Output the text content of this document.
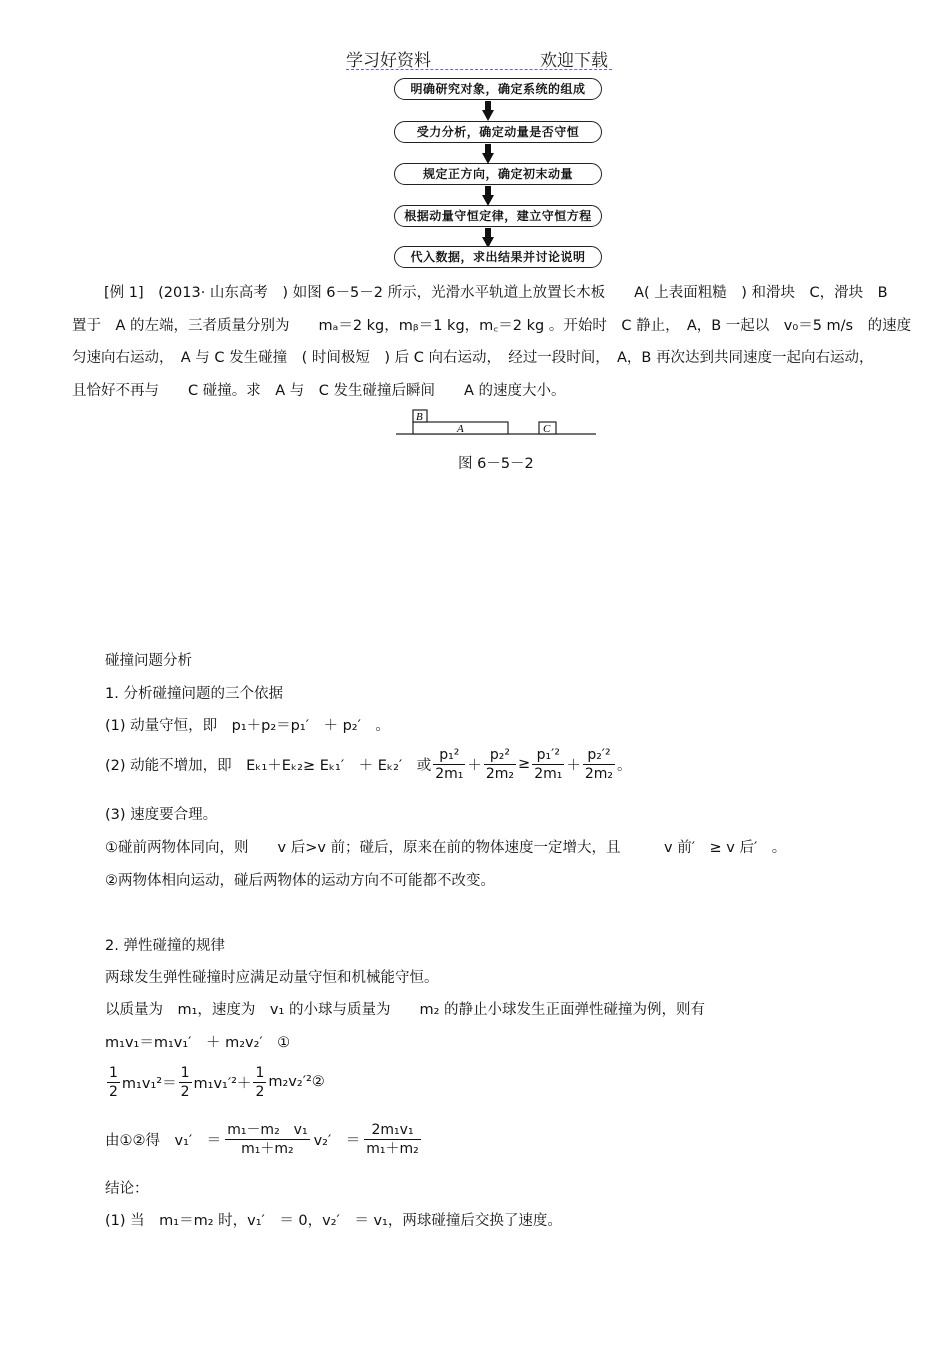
学习好资料	欢迎下载
明确研究对象，确定系统的组成
受力分析，确定动量是否守恒
规定正方向，确定初末动量
根据动量守恒定律，建立守恒方程
代入数据，求出结果并讨论说明
[例 1]　(2013· 山东高考　) 如图 6－5－2 所示，光滑水平轨道上放置长木板　　A( 上表面粗糙　) 和滑块　C，滑块　B
置于　A 的左端，三者质量分别为　　mₐ＝2 kg，mᵦ＝1 kg，m꜀＝2 kg 。开始时　C 静止，　A，B 一起以　v₀＝5 m/s　的速度
匀速向右运动，　A 与 C 发生碰撞　( 时间极短　) 后 C 向右运动，　经过一段时间，　A，B 再次达到共同速度一起向右运动，
且恰好不再与　　C 碰撞。求　A 与　C 发生碰撞后瞬间　　A 的速度大小。
B
A	C
图 6－5－2
碰撞问题分析
1. 分析碰撞问题的三个依据
(1) 动量守恒，即　p₁＋p₂＝p₁′　＋ p₂′　。
(2) 动能不增加，即　Eₖ₁＋Eₖ₂≥ Eₖ₁′　＋ Eₖ₂′　或 $\frac{\text{p₁²}}{\text{2m₁}} + \frac{\text{p₂²}}{\text{2m₂}} \ge \frac{\text{p₁′²}}{\text{2m₁}} + \frac{\text{p₂′²}}{\text{2m₂}}$ 。
(3) 速度要合理。
①碰前两物体同向，则　　v 后>v 前；碰后，原来在前的物体速度一定增大，且　　　v 前′　≥ v 后′　。
②两物体相向运动，碰后两物体的运动方向不可能都不改变。
2. 弹性碰撞的规律
两球发生弹性碰撞时应满足动量守恒和机械能守恒。
以质量为　m₁，速度为　v₁ 的小球与质量为　　m₂ 的静止小球发生正面弹性碰撞为例，则有
m₁v₁＝m₁v₁′　＋ m₂v₂′　①
$\frac{1}{2} m_1v_1^2= \frac{1}{2} m_1v_1'^2+ \frac{1}{2}$ m₂v₂′²②
由①②得　v₁′　＝ $\frac{\text{m₁－m₂　v₁}}{\text{m₁＋m₂}} v_2'$　＝ $\frac{\text{2m₁v₁}}{\text{m₁＋m₂}}$
结论：
(1) 当　m₁＝m₂ 时，v₁′　＝ 0，v₂′　＝ v₁，两球碰撞后交换了速度。
